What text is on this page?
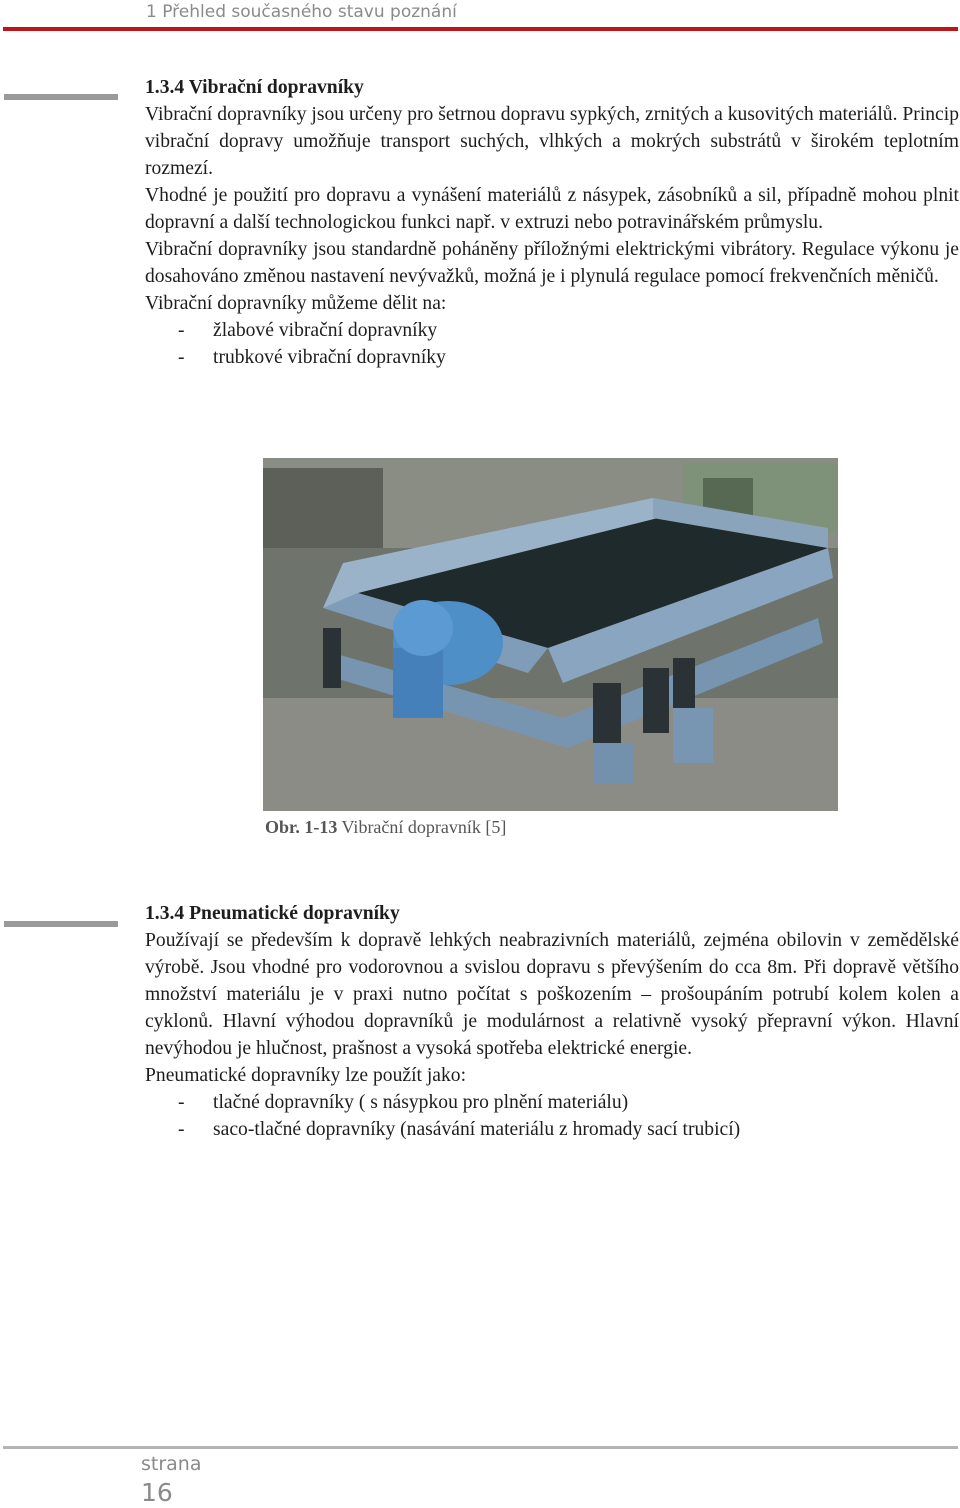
1 Přehled současného stavu poznání
1.3.4 Vibrační dopravníky

Vibrační dopravníky jsou určeny pro šetrnou dopravu sypkých, zrnitých a kusovitých materiálů. Princip vibrační dopravy umožňuje transport suchých, vlhkých a mokrých substrátů v širokém teplotním rozmezí.

Vhodné je použití pro dopravu a vynášení materiálů z násypek, zásobníků a sil, případně mohou plnit dopravní a další technologickou funkci např. v extruzi nebo potravinářském průmyslu.

Vibrační dopravníky jsou standardně poháněny příložnými elektrickými vibrátory. Regulace výkonu je dosahováno změnou nastavení nevývažků, možná je i plynulá regulace pomocí frekvenčních měničů.

Vibrační dopravníky můžeme dělit na:

- žlabové vibrační dopravníky
- trubkové vibrační dopravníky
Obr. 1-13 Vibrační dopravník [5]
1.3.4 Pneumatické dopravníky

Používají se především k dopravě lehkých neabrazivních materiálů, zejména obilovin v zemědělské výrobě. Jsou vhodné pro vodorovnou a svislou dopravu s převýšením do cca 8m. Při dopravě většího množství materiálu je v praxi nutno počítat s poškozením – prošoupáním potrubí kolem kolen a cyklonů. Hlavní výhodou dopravníků je modulárnost a relativně vysoký přepravní výkon. Hlavní nevýhodou je hlučnost, prašnost a vysoká spotřeba elektrické energie.

Pneumatické dopravníky lze použít jako:

- tlačné dopravníky ( s násypkou pro plnění materiálu)
- saco-tlačné dopravníky (nasávání materiálu z hromady sací trubicí)
strana
16
